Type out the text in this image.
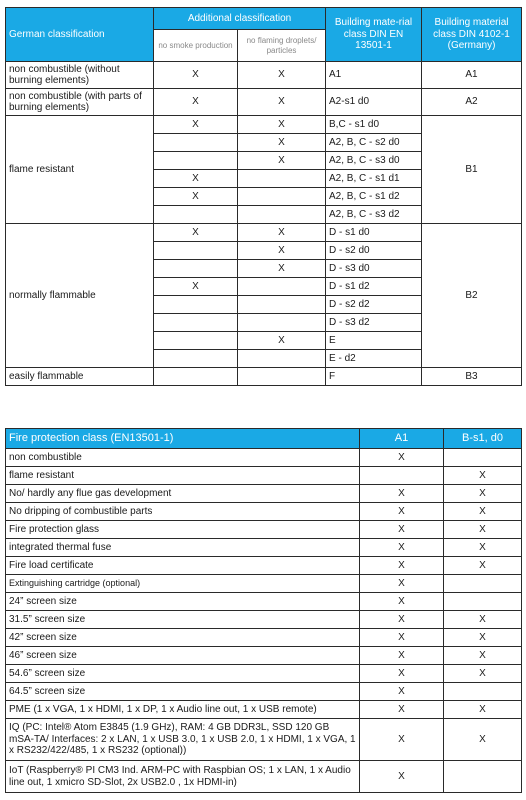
German classification	Additional classification		Building mate-rial class DIN EN 13501-1	Building material class DIN 4102-1 (Germany)
	no smoke production	no flaming droplets/ particles		
non combustible (without burning elements)	X	X	A1	A1
non combustible (with parts of burning elements)	X	X	A2-s1 d0	A2
flame resistant	X	X	B,C - s1 d0	B1
		X	A2, B, C - s2 d0	
		X	A2, B, C - s3 d0	
	X		A2, B, C - s1 d1	
	X		A2, B, C - s1 d2	
			A2, B, C - s3 d2	
normally flammable	X	X	D - s1 d0	B2
		X	D - s2 d0	
		X	D - s3 d0	
	X		D - s1 d2	
			D - s2 d2	
			D - s3 d2	
		X	E	
			E - d2	
easily flammable			F	B3
Fire protection class (EN13501-1)	A1	B-s1, d0
non combustible	X	
flame resistant		X
No/ hardly any flue gas development	X	X
No dripping of combustible parts	X	X
Fire protection glass	X	X
integrated thermal fuse	X	X
Fire load certificate	X	X
Extinguishing cartridge (optional)	X	
24” screen size	X	
31.5” screen size	X	X
42” screen size	X	X
46” screen size	X	X
54.6” screen size	X	X
64.5” screen size	X	
PME (1 x VGA, 1 x HDMI, 1 x DP, 1 x Audio line out, 1 x USB remote)	X	X
IQ (PC: Intel® Atom E3845 (1.9 GHz), RAM: 4 GB DDR3L, SSD 120 GB mSA-TA/ Interfaces: 2 x LAN, 1 x USB 3.0, 1 x USB 2.0, 1 x HDMI, 1 x VGA, 1 x RS232/422/485, 1 x RS232 (optional))	X	X
IoT (Raspberry® PI CM3 Ind. ARM-PC with Raspbian OS; 1 x LAN, 1 x Audio line out, 1 xmicro SD-Slot, 2x USB2.0 , 1x HDMI-in)	X	
